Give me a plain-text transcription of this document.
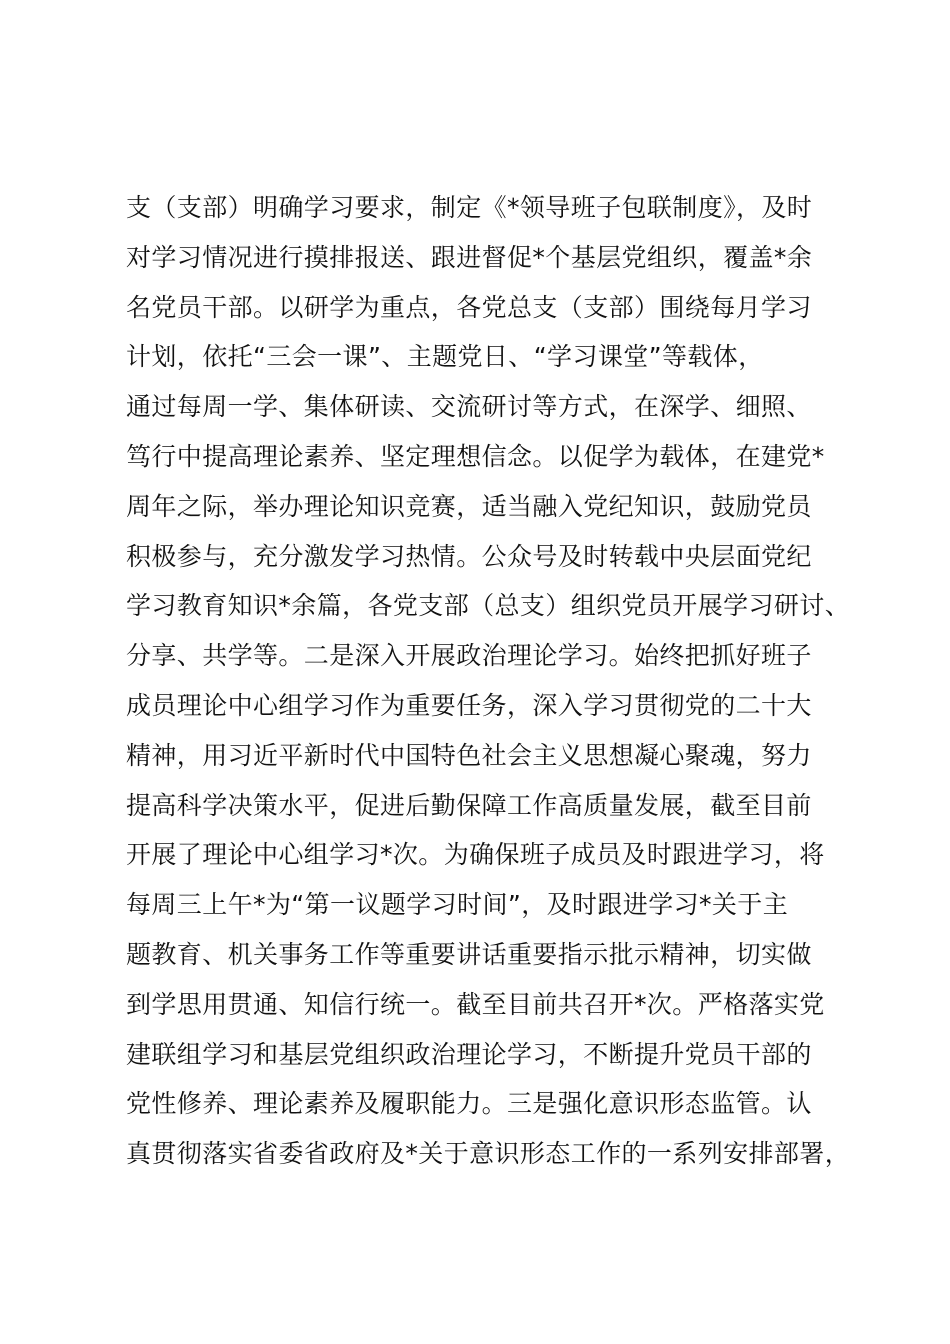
支（支部）明确学习要求，制定《*领导班子包联制度》，及时
对学习情况进行摸排报送、跟进督促*个基层党组织，覆盖*余
名党员干部。以研学为重点，各党总支（支部）围绕每月学习
计划，依托“三会一课”、主题党日、“学习课堂”等载体，
通过每周一学、集体研读、交流研讨等方式，在深学、细照、
笃行中提高理论素养、坚定理想信念。以促学为载体，在建党*
周年之际，举办理论知识竞赛，适当融入党纪知识，鼓励党员
积极参与，充分激发学习热情。公众号及时转载中央层面党纪
学习教育知识*余篇，各党支部（总支）组织党员开展学习研讨、
分享、共学等。二是深入开展政治理论学习。始终把抓好班子
成员理论中心组学习作为重要任务，深入学习贯彻党的二十大
精神，用习近平新时代中国特色社会主义思想凝心聚魂，努力
提高科学决策水平，促进后勤保障工作高质量发展，截至目前
开展了理论中心组学习*次。为确保班子成员及时跟进学习，将
每周三上午*为“第一议题学习时间”，及时跟进学习*关于主
题教育、机关事务工作等重要讲话重要指示批示精神，切实做
到学思用贯通、知信行统一。截至目前共召开*次。严格落实党
建联组学习和基层党组织政治理论学习，不断提升党员干部的
党性修养、理论素养及履职能力。三是强化意识形态监管。认
真贯彻落实省委省政府及*关于意识形态工作的一系列安排部署，
